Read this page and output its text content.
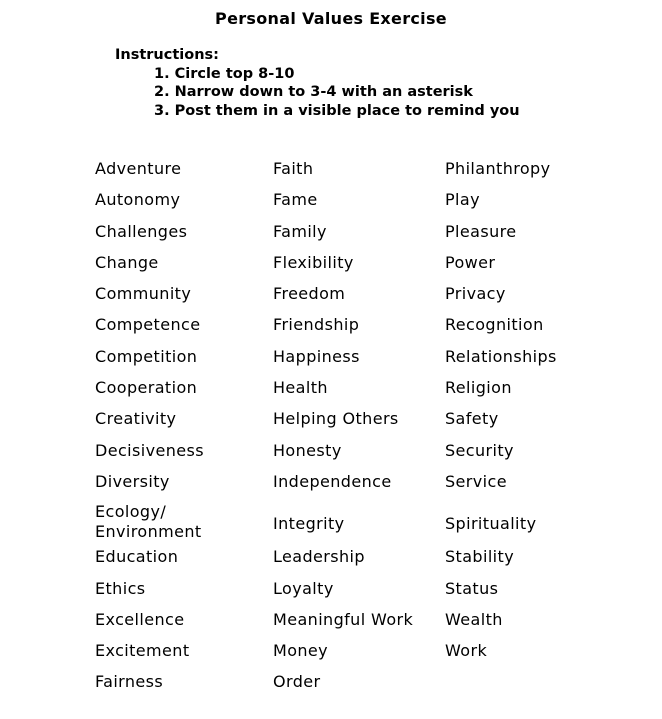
Personal Values Exercise
Instructions:
1. Circle top 8-10
2. Narrow down to 3-4 with an asterisk
3. Post them in a visible place to remind you
Adventure
Autonomy
Challenges
Change
Community
Competence
Competition
Cooperation
Creativity
Decisiveness
Diversity
Ecology/
Environment
Education
Ethics
Excellence
Excitement
Fairness
Faith
Fame
Family
Flexibility
Freedom
Friendship
Happiness
Health
Helping Others
Honesty
Independence
Integrity
Leadership
Loyalty
Meaningful Work
Money
Order
Philanthropy
Play
Pleasure
Power
Privacy
Recognition
Relationships
Religion
Safety
Security
Service
Spirituality
Stability
Status
Wealth
Work
